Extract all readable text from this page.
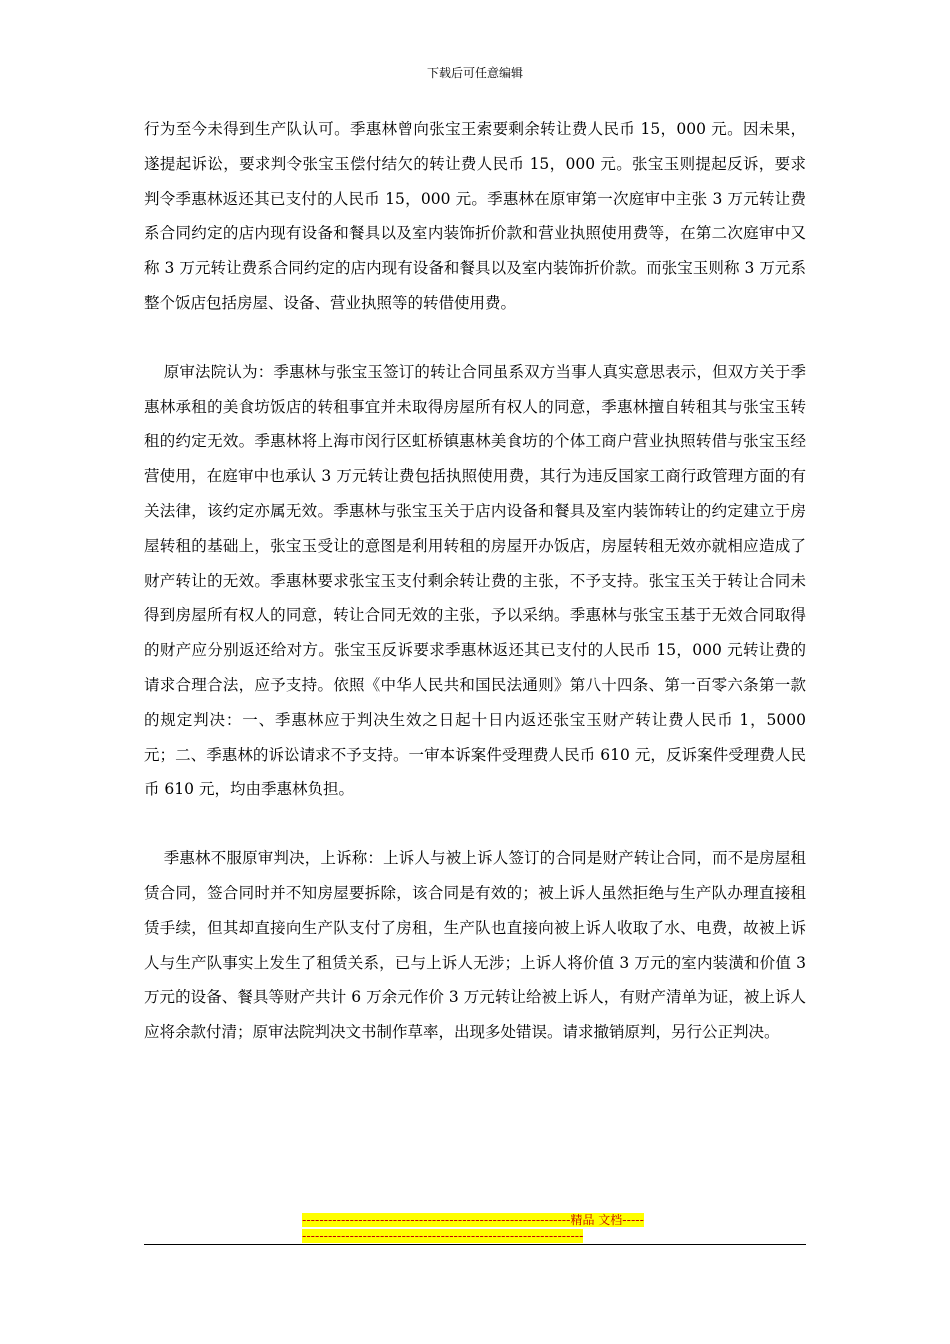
下载后可任意编辑

行为至今未得到生产队认可。季惠林曾向张宝王索要剩余转让费人民币 15，000 元。因未果，遂提起诉讼，要求判令张宝玉偿付结欠的转让费人民币 15，000 元。张宝玉则提起反诉，要求判令季惠林返还其已支付的人民币 15，000 元。季惠林在原审第一次庭审中主张 3 万元转让费系合同约定的店内现有设备和餐具以及室内装饰折价款和营业执照使用费等，在第二次庭审中又称 3 万元转让费系合同约定的店内现有设备和餐具以及室内装饰折价款。而张宝玉则称 3 万元系整个饭店包括房屋、设备、营业执照等的转借使用费。

原审法院认为：季惠林与张宝玉签订的转让合同虽系双方当事人真实意思表示，但双方关于季惠林承租的美食坊饭店的转租事宜并未取得房屋所有权人的同意，季惠林擅自转租其与张宝玉转租的约定无效。季惠林将上海市闵行区虹桥镇惠林美食坊的个体工商户营业执照转借与张宝玉经营使用，在庭审中也承认 3 万元转让费包括执照使用费，其行为违反国家工商行政管理方面的有关法律，该约定亦属无效。季惠林与张宝玉关于店内设备和餐具及室内装饰转让的约定建立于房屋转租的基础上，张宝玉受让的意图是利用转租的房屋开办饭店，房屋转租无效亦就相应造成了财产转让的无效。季惠林要求张宝玉支付剩余转让费的主张，不予支持。张宝玉关于转让合同未得到房屋所有权人的同意，转让合同无效的主张，予以采纳。季惠林与张宝玉基于无效合同取得的财产应分别返还给对方。张宝玉反诉要求季惠林返还其已支付的人民币 15，000 元转让费的请求合理合法，应予支持。依照《中华人民共和国民法通则》第八十四条、第一百零六条第一款的规定判决：一、季惠林应于判决生效之日起十日内返还张宝玉财产转让费人民币 1，5000 元；二、季惠林的诉讼请求不予支持。一审本诉案件受理费人民币 610 元，反诉案件受理费人民币 610 元，均由季惠林负担。

季惠林不服原审判决，上诉称：上诉人与被上诉人签订的合同是财产转让合同，而不是房屋租赁合同，签合同时并不知房屋要拆除，该合同是有效的；被上诉人虽然拒绝与生产队办理直接租赁手续，但其却直接向生产队支付了房租，生产队也直接向被上诉人收取了水、电费，故被上诉人与生产队事实上发生了租赁关系，已与上诉人无涉；上诉人将价值 3 万元的室内装潢和价值 3 万元的设备、餐具等财产共计 6 万余元作价 3 万元转让给被上诉人，有财产清单为证，被上诉人应将余款付清；原审法院判决文书制作草率，出现多处错误。请求撤销原判，另行公正判决。

--------------------------------------------------------------精品 文档----------------------------------------------------------------------
